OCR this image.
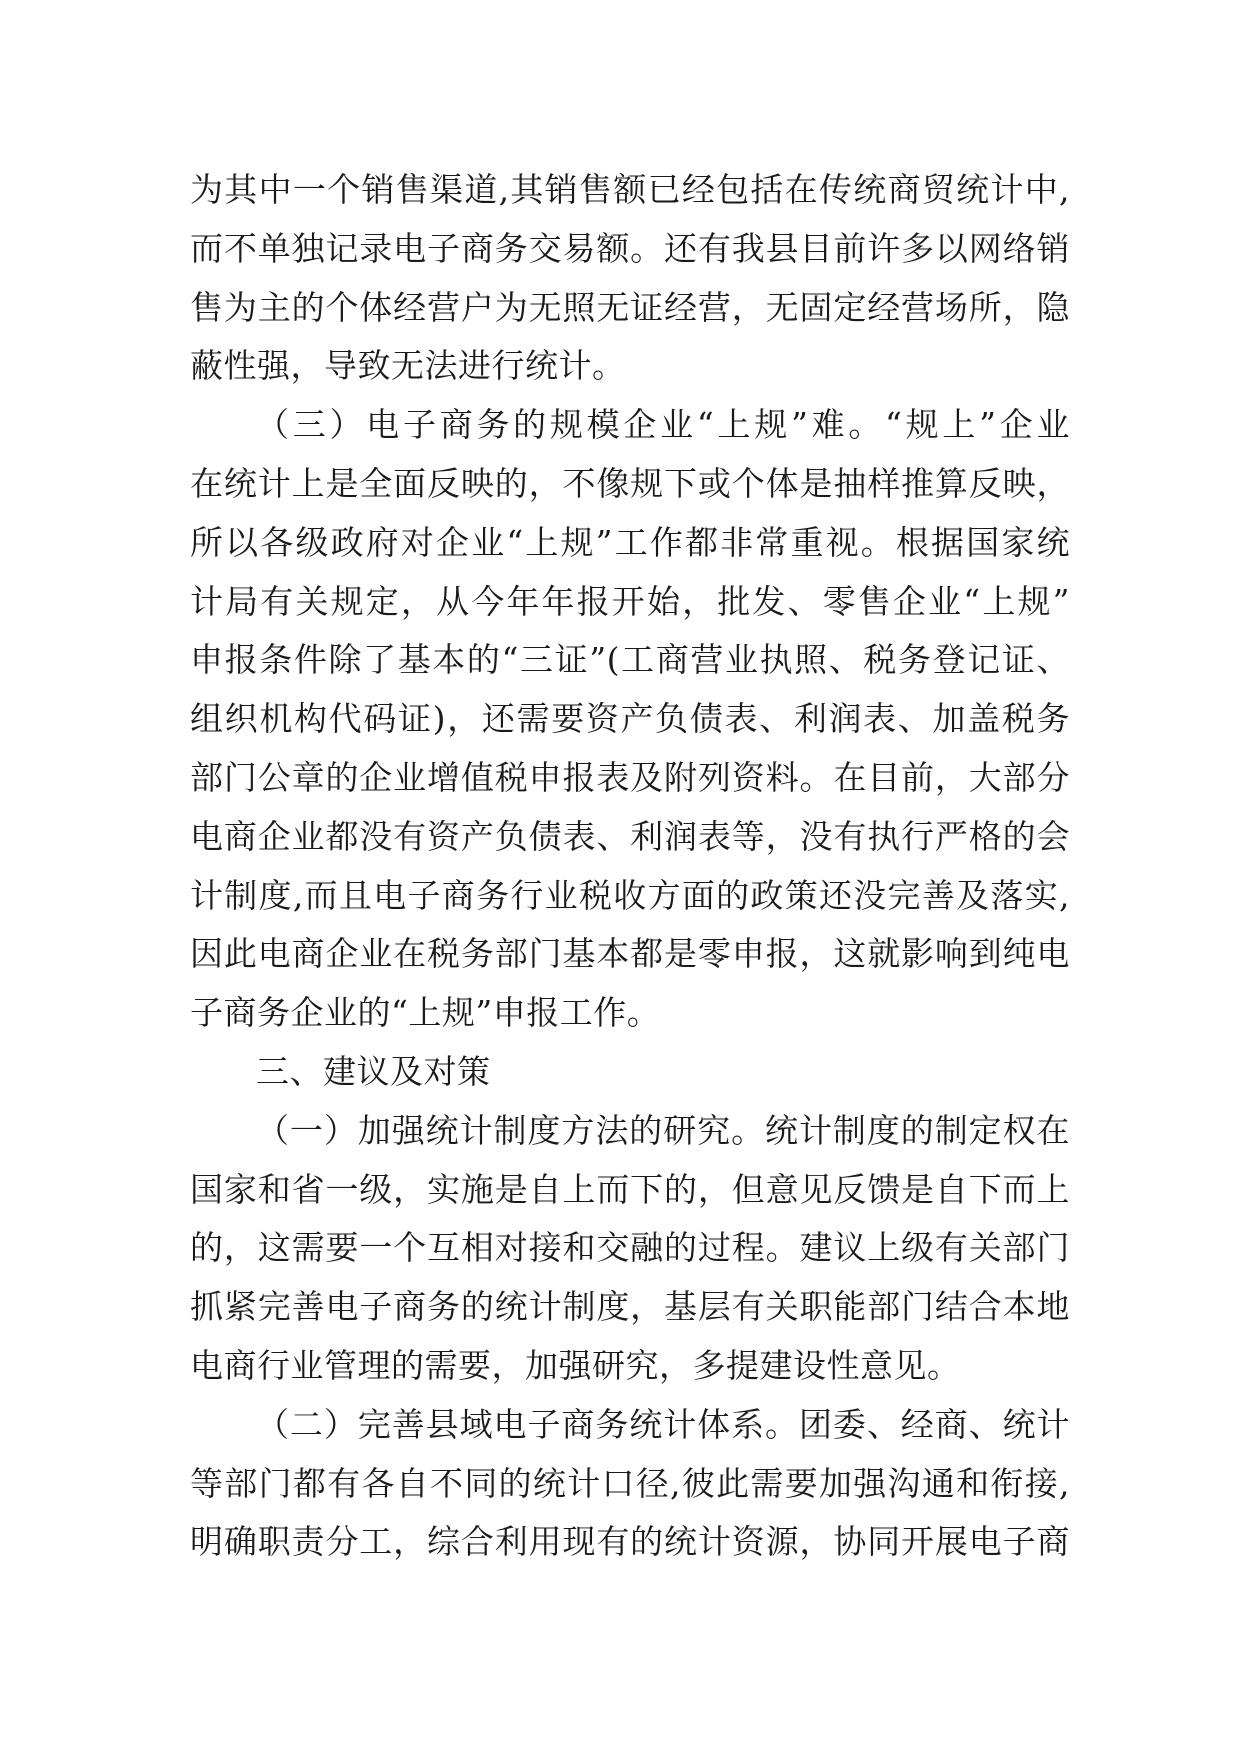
为其中一个销售渠道,其销售额已经包括在传统商贸统计中,
而不单独记录电子商务交易额。还有我县目前许多以网络销
售为主的个体经营户为无照无证经营，无固定经营场所，隐
蔽性强，导致无法进行统计。
（三）电子商务的规模企业“上规”难。“规上”企业
在统计上是全面反映的，不像规下或个体是抽样推算反映，
所以各级政府对企业“上规”工作都非常重视。根据国家统
计局有关规定，从今年年报开始，批发、零售企业“上规”
申报条件除了基本的“三证”(工商营业执照、税务登记证、
组织机构代码证)，还需要资产负债表、利润表、加盖税务
部门公章的企业增值税申报表及附列资料。在目前，大部分
电商企业都没有资产负债表、利润表等，没有执行严格的会
计制度,而且电子商务行业税收方面的政策还没完善及落实,
因此电商企业在税务部门基本都是零申报，这就影响到纯电
子商务企业的“上规”申报工作。
三、建议及对策
（一）加强统计制度方法的研究。统计制度的制定权在
国家和省一级，实施是自上而下的，但意见反馈是自下而上
的，这需要一个互相对接和交融的过程。建议上级有关部门
抓紧完善电子商务的统计制度，基层有关职能部门结合本地
电商行业管理的需要，加强研究，多提建设性意见。
（二）完善县域电子商务统计体系。团委、经商、统计
等部门都有各自不同的统计口径,彼此需要加强沟通和衔接,
明确职责分工，综合利用现有的统计资源，协同开展电子商
